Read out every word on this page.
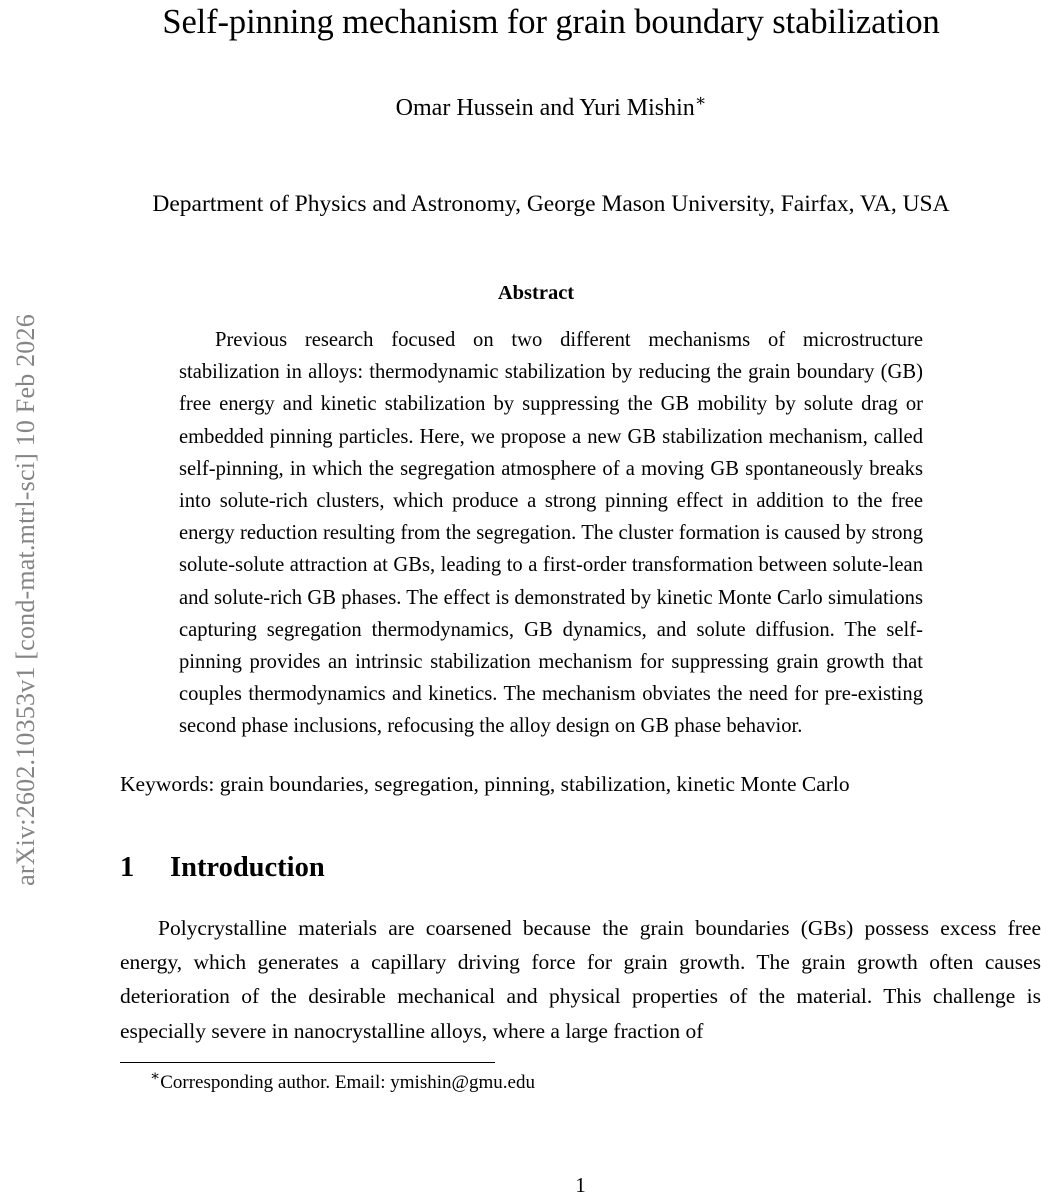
arXiv:2602.10353v1 [cond-mat.mtrl-sci] 10 Feb 2026
Self-pinning mechanism for grain boundary stabilization
Omar Hussein and Yuri Mishin∗
Department of Physics and Astronomy, George Mason University, Fairfax, VA, USA
Abstract
Previous research focused on two different mechanisms of microstructure stabilization in alloys: thermodynamic stabilization by reducing the grain boundary (GB) free energy and kinetic stabilization by suppressing the GB mobility by solute drag or embedded pinning particles. Here, we propose a new GB stabilization mechanism, called self-pinning, in which the segregation atmosphere of a moving GB spontaneously breaks into solute-rich clusters, which produce a strong pinning effect in addition to the free energy reduction resulting from the segregation. The cluster formation is caused by strong solute-solute attraction at GBs, leading to a first-order transformation between solute-lean and solute-rich GB phases. The effect is demonstrated by kinetic Monte Carlo simulations capturing segregation thermodynamics, GB dynamics, and solute diffusion. The self-pinning provides an intrinsic stabilization mechanism for suppressing grain growth that couples thermodynamics and kinetics. The mechanism obviates the need for pre-existing second phase inclusions, refocusing the alloy design on GB phase behavior.
Keywords: grain boundaries, segregation, pinning, stabilization, kinetic Monte Carlo
1 Introduction
Polycrystalline materials are coarsened because the grain boundaries (GBs) possess excess free energy, which generates a capillary driving force for grain growth. The grain growth often causes deterioration of the desirable mechanical and physical properties of the material. This challenge is especially severe in nanocrystalline alloys, where a large fraction of
∗Corresponding author. Email: ymishin@gmu.edu
1
